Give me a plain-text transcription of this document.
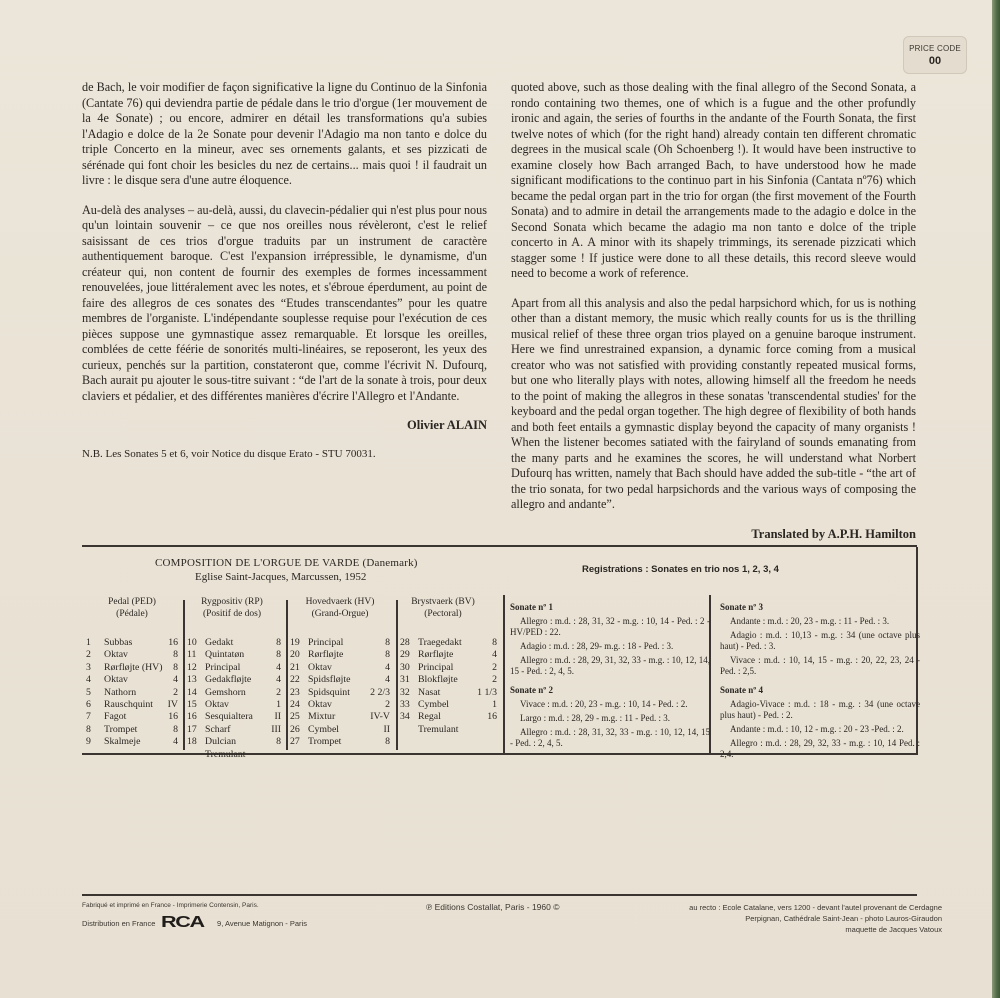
PRICE CODE
00

de Bach, le voir modifier de façon significative la ligne du Continuo de la Sinfonia (Cantate 76) qui deviendra partie de pédale dans le trio d'orgue (1er mouvement de la 4e Sonate) ; ou encore, admirer en détail les transformations qu'a subies l'Adagio e dolce de la 2e Sonate pour devenir l'Adagio ma non tanto e dolce du triple Concerto en la mineur, avec ses ornements galants, et ses pizzicati de sérénade qui font choir les besicles du nez de certains... mais quoi ! il faudrait un livre : le disque sera d'une autre éloquence.

Au-delà des analyses – au-delà, aussi, du clavecin-pédalier qui n'est plus pour nous qu'un lointain souvenir – ce que nos oreilles nous révèleront, c'est le relief saisissant de ces trios d'orgue traduits par un instrument de caractère authentiquement baroque. C'est l'expansion irrépressible, le dynamisme, d'un créateur qui, non content de fournir des exemples de formes incessamment renouvelées, joue littéralement avec les notes, et s'ébroue éperdument, au point de faire des allegros de ces sonates des “Etudes transcendantes” pour les quatre membres de l'organiste. L'indépendante souplesse requise pour l'exécution de ces pièces suppose une gymnastique assez remarquable. Et lorsque les oreilles, comblées de cette féérie de sonorités multi-linéaires, se reposeront, les yeux des curieux, penchés sur la partition, constateront que, comme l'écrivit N. Dufourq, Bach aurait pu ajouter le sous-titre suivant : “de l'art de la sonate à trois, pour deux claviers et pédalier, et des différentes manières d'écrire l'Allegro et l'Andante.

Olivier ALAIN
N.B. Les Sonates 5 et 6, voir Notice du disque Erato - STU 70031.

quoted above, such as those dealing with the final allegro of the Second Sonata, a rondo containing two themes, one of which is a fugue and the other profundly ironic and again, the series of fourths in the andante of the Fourth Sonata, the first twelve notes of which (for the right hand) already contain ten different chromatic degrees in the musical scale (Oh Schoenberg !). It would have been instructive to examine closely how Bach arranged Bach, to have understood how he made significant modifications to the continuo part in his Sinfonia (Cantata nº76) which became the pedal organ part in the trio for organ (the first movement of the Fourth Sonata) and to admire in detail the arrangements made to the adagio e dolce in the Second Sonata which became the adagio ma non tanto e dolce of the triple concerto in A. A minor with its shapely trimmings, its serenade pizzicati which stagger some ! If justice were done to all these details, this record sleeve would need to become a work of reference.

Apart from all this analysis and also the pedal harpsichord which, for us is nothing other than a distant memory, the music which really counts for us is the thrilling musical relief of these three organ trios played on a genuine baroque instrument. Here we find unrestrained expansion, a dynamic force coming from a musical creator who was not satisfied with providing constantly repeated musical forms, but one who literally plays with notes, allowing himself all the freedom he needs to the point of making the allegros in these sonatas 'transcendental studies' for the keyboard and the pedal organ together. The high degree of flexibility of both hands and both feet entails a gymnastic display beyond the capacity of many organists ! When the listener becomes satiated with the fairyland of sounds emanating from the many parts and he examines the scores, he will understand what Norbert Dufourq has written, namely that Bach should have added the sub-title - “the art of the trio sonata, for two pedal harpsichords and the various ways of composing the allegro and andante”.

Translated by A.P.H. Hamilton
COMPOSITION DE L'ORGUE DE VARDE (Danemark)
Eglise Saint-Jacques, Marcussen, 1952
Registrations : Sonates en trio nos 1, 2, 3, 4
Pedal (PED)
(Pédale)
Rygpositiv (RP)
(Positif de dos)
Hovedvaerk (HV)
(Grand-Orgue)
Brystvaerk (BV)
(Pectoral)
1	Subbas	16
2	Oktav	8
3	Rørfløjte (HV)	8
4	Oktav	4
5	Nathorn	2
6	Rauschquint	IV
7	Fagot	16
8	Trompet	8
9	Skalmeje	4
10 Gedakt	8
11 Quintatøn	8
12 Principal	4
13 Gedakfløjte	4
14 Gemshorn	2
15 Oktav	1
16 Sesquialtera	II
17 Scharf	III
18 Dulcian	8
Tremulant
19 Principal	8
20 Rørfløjte	8
21 Oktav	4
22 Spidsfløjte	4
23 Spidsquint	2 2/3
24 Oktav	2
25 Mixtur	IV-V
26 Cymbel	II
27 Trompet	8
28 Traegedakt	8
29 Rørfløjte	4
30 Principal	2
31 Blokfløjte	2
32 Nasat	1 1/3
33 Cymbel	1
34 Regal	16
Tremulant
Sonate nº 1
Allegro : m.d. : 28, 31, 32 - m.g. : 10, 14 - Ped. : 2 - HV/PED : 22.
Adagio : m.d. : 28, 29- m.g. : 18 - Ped. : 3.
Allegro : m.d. : 28, 29, 31, 32, 33 - m.g. : 10, 12, 14, 15 - Ped. : 2, 4, 5.
Sonate nº 2
Vivace : m.d. : 20, 23 - m.g. : 10, 14 - Ped. : 2.
Largo : m.d. : 28, 29 - m.g. : 11 - Ped. : 3.
Allegro : m.d. : 28, 31, 32, 33 - m.g. : 10, 12, 14, 15 - Ped. : 2, 4, 5.
Sonate nº 3
Andante : m.d. : 20, 23 - m.g. : 11 - Ped. : 3.
Adagio : m.d. : 10,13 - m.g. : 34 (une octave plus haut) - Ped. : 3.
Vivace : m.d. : 10, 14, 15 - m.g. : 20, 22, 23, 24 - Ped. : 2,5.
Sonate nº 4
Adagio-Vivace : m.d. : 18 - m.g. : 34 (une octave plus haut) - Ped. : 2.
Andante : m.d. : 10, 12 - m.g. : 20 - 23 -Ped. : 2.
Allegro : m.d. : 28, 29, 32, 33 - m.g. : 10, 14 Ped. : 2,4.
Fabriqué et imprimé en France - Imprimerie Contensin, Paris.
Distribution en France RCA 9, Avenue Matignon - Paris
℗ Editions Costallat, Paris - 1960 ©	au recto : Ecole Catalane, vers 1200 - devant l'autel provenant de Cerdagne
Perpignan, Cathédrale Saint-Jean - photo Lauros-Giraudon
maquette de Jacques Vatoux
